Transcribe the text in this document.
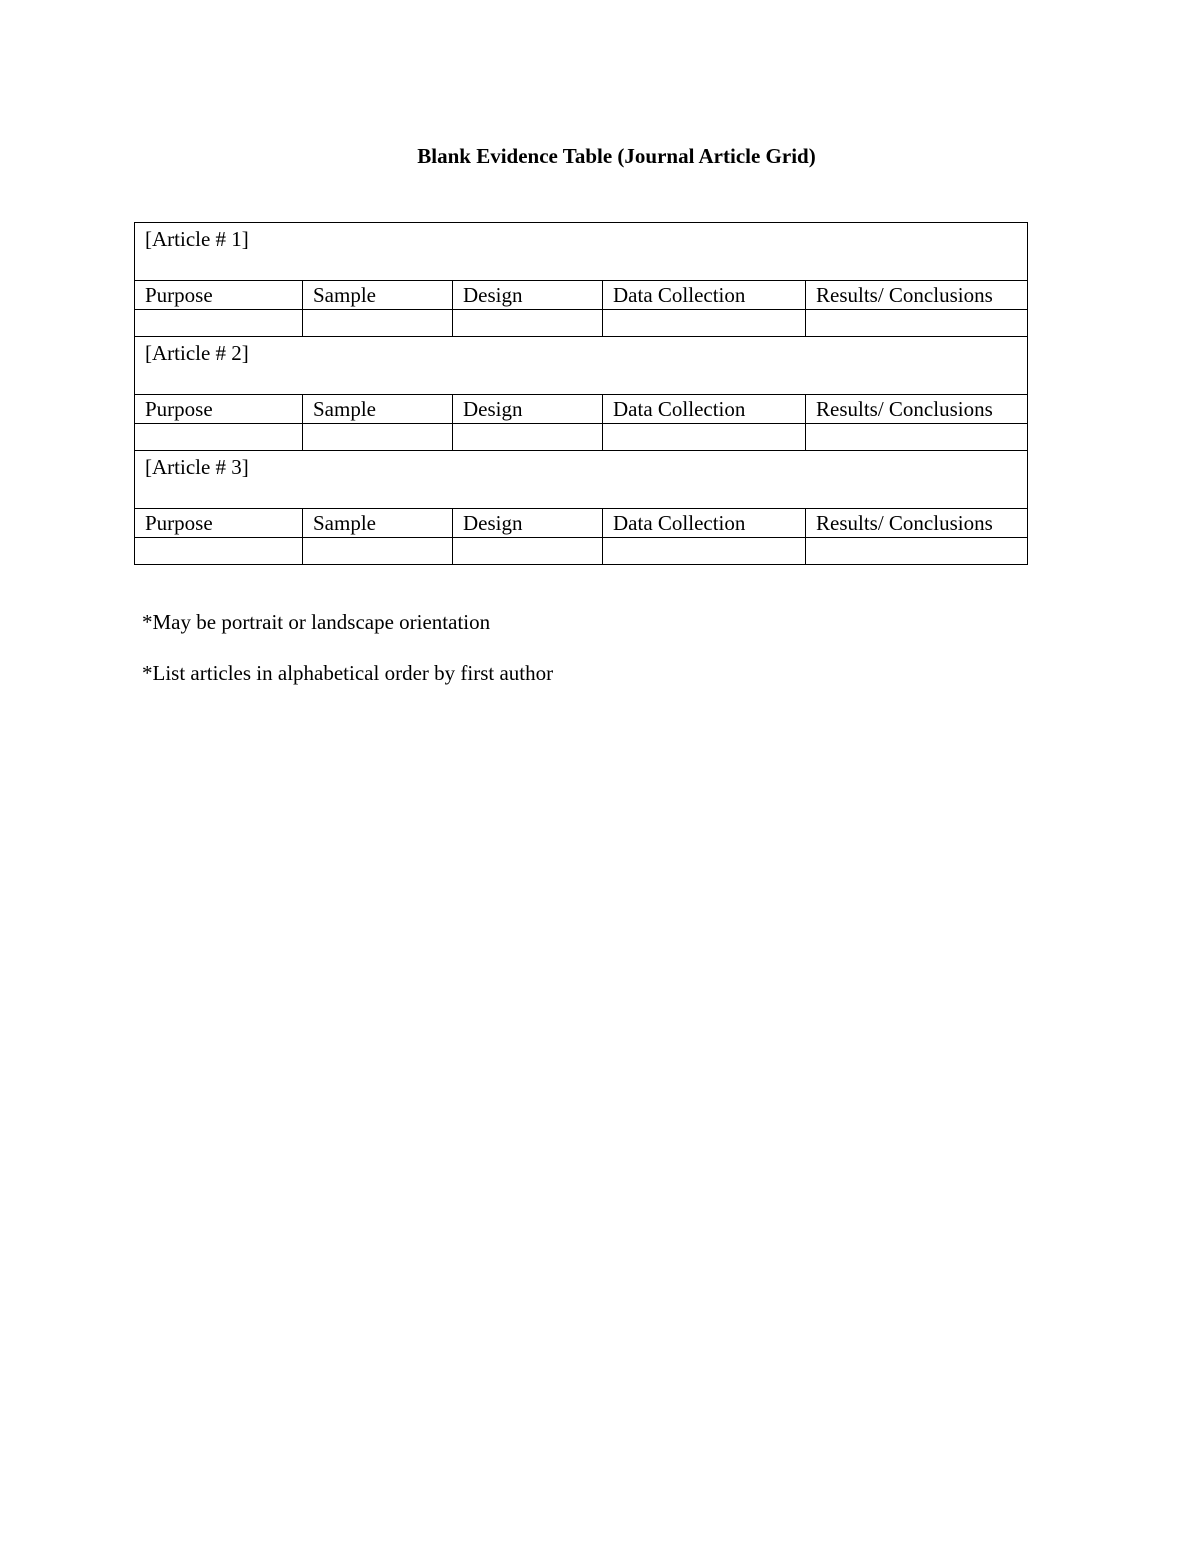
Blank Evidence Table (Journal Article Grid)
[Article # 1]				
Purpose	Sample	Design	Data Collection	Results/ Conclusions

[Article # 2]				
Purpose	Sample	Design	Data Collection	Results/ Conclusions

[Article # 3]				
Purpose	Sample	Design	Data Collection	Results/ Conclusions

*May be portrait or landscape orientation
*List articles in alphabetical order by first author
